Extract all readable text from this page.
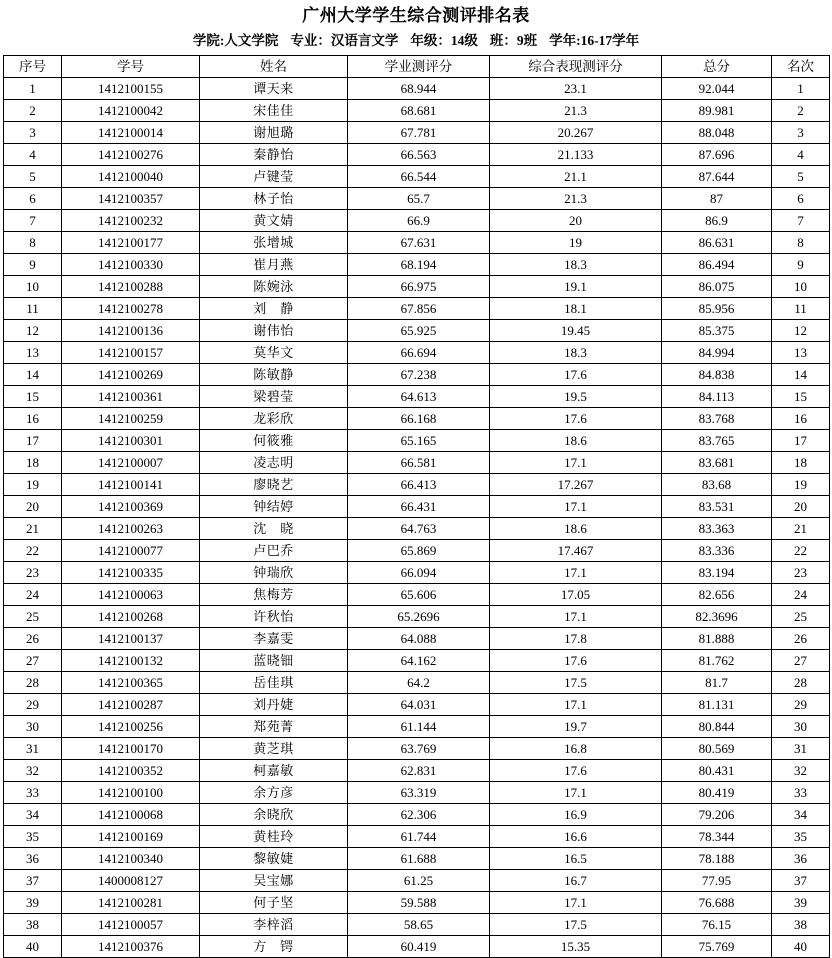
广州大学学生综合测评排名表
学院:人文学院 专业：汉语言文学 年级：14级 班：9班 学年:16-17学年
序号	学号	姓名	学业测评分	综合表现测评分	总分	名次
1	1412100155	谭天来	68.944	23.1	92.044	1
2	1412100042	宋佳佳	68.681	21.3	89.981	2
3	1412100014	谢旭璐	67.781	20.267	88.048	3
4	1412100276	秦静怡	66.563	21.133	87.696	4
5	1412100040	卢键莹	66.544	21.1	87.644	5
6	1412100357	林子怡	65.7	21.3	87	6
7	1412100232	黄文婧	66.9	20	86.9	7
8	1412100177	张增城	67.631	19	86.631	8
9	1412100330	崔月燕	68.194	18.3	86.494	9
10	1412100288	陈婉泳	66.975	19.1	86.075	10
11	1412100278	刘　静	67.856	18.1	85.956	11
12	1412100136	谢伟怡	65.925	19.45	85.375	12
13	1412100157	莫华文	66.694	18.3	84.994	13
14	1412100269	陈敏静	67.238	17.6	84.838	14
15	1412100361	梁碧莹	64.613	19.5	84.113	15
16	1412100259	龙彩欣	66.168	17.6	83.768	16
17	1412100301	何筱雅	65.165	18.6	83.765	17
18	1412100007	凌志明	66.581	17.1	83.681	18
19	1412100141	廖晓艺	66.413	17.267	83.68	19
20	1412100369	钟结婷	66.431	17.1	83.531	20
21	1412100263	沈　晓	64.763	18.6	83.363	21
22	1412100077	卢巴乔	65.869	17.467	83.336	22
23	1412100335	钟瑞欣	66.094	17.1	83.194	23
24	1412100063	焦梅芳	65.606	17.05	82.656	24
25	1412100268	许秋怡	65.2696	17.1	82.3696	25
26	1412100137	李嘉雯	64.088	17.8	81.888	26
27	1412100132	蓝晓钿	64.162	17.6	81.762	27
28	1412100365	岳佳琪	64.2	17.5	81.7	28
29	1412100287	刘丹婕	64.031	17.1	81.131	29
30	1412100256	郑苑菁	61.144	19.7	80.844	30
31	1412100170	黄芝琪	63.769	16.8	80.569	31
32	1412100352	柯嘉敏	62.831	17.6	80.431	32
33	1412100100	余方彦	63.319	17.1	80.419	33
34	1412100068	余晓欣	62.306	16.9	79.206	34
35	1412100169	黄桂玲	61.744	16.6	78.344	35
36	1412100340	黎敏婕	61.688	16.5	78.188	36
37	1400008127	吴宝娜	61.25	16.7	77.95	37
39	1412100281	何子坚	59.588	17.1	76.688	39
38	1412100057	李梓滔	58.65	17.5	76.15	38
40	1412100376	方　锷	60.419	15.35	75.769	40
